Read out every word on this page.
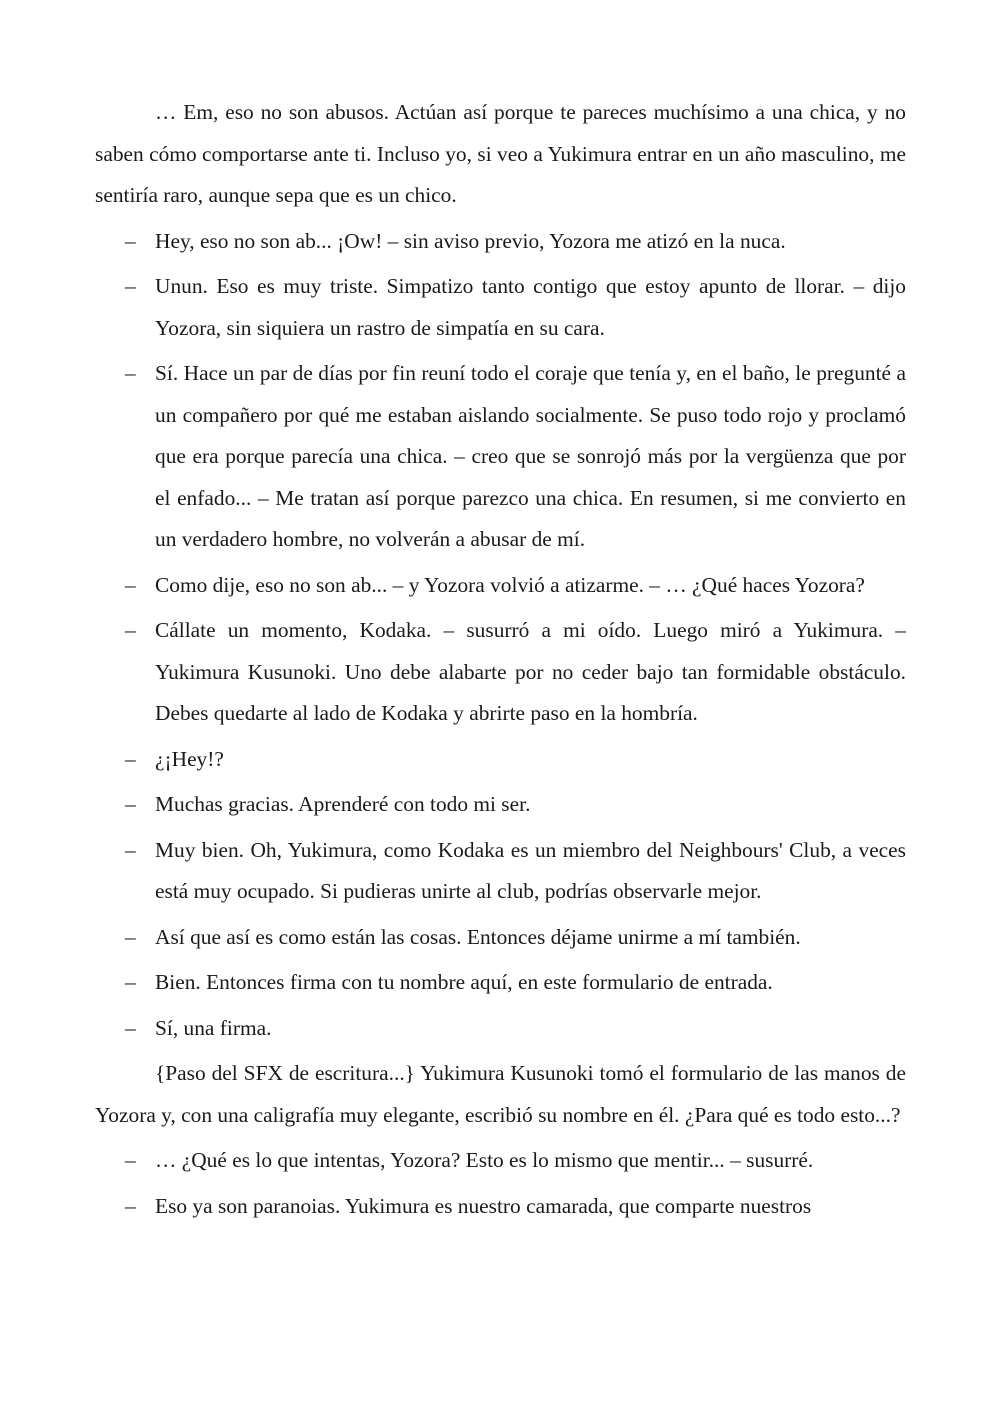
… Em, eso no son abusos. Actúan así porque te pareces muchísimo a una chica, y no saben cómo comportarse ante ti. Incluso yo, si veo a Yukimura entrar en un año masculino, me sentiría raro, aunque sepa que es un chico.

– Hey, eso no son ab... ¡Ow! – sin aviso previo, Yozora me atizó en la nuca.

– Unun. Eso es muy triste. Simpatizo tanto contigo que estoy apunto de llorar. – dijo Yozora, sin siquiera un rastro de simpatía en su cara.

– Sí. Hace un par de días por fin reuní todo el coraje que tenía y, en el baño, le pregunté a un compañero por qué me estaban aislando socialmente. Se puso todo rojo y proclamó que era porque parecía una chica. – creo que se sonrojó más por la vergüenza que por el enfado... – Me tratan así porque parezco una chica. En resumen, si me convierto en un verdadero hombre, no volverán a abusar de mí.

– Como dije, eso no son ab... – y Yozora volvió a atizarme. – … ¿Qué haces Yozora?

– Cállate un momento, Kodaka. – susurró a mi oído. Luego miró a Yukimura. – Yukimura Kusunoki. Uno debe alabarte por no ceder bajo tan formidable obstáculo. Debes quedarte al lado de Kodaka y abrirte paso en la hombría.

– ¿¡Hey!?

– Muchas gracias. Aprenderé con todo mi ser.

– Muy bien. Oh, Yukimura, como Kodaka es un miembro del Neighbours' Club, a veces está muy ocupado. Si pudieras unirte al club, podrías observarle mejor.

– Así que así es como están las cosas. Entonces déjame unirme a mí también.

– Bien. Entonces firma con tu nombre aquí, en este formulario de entrada.

– Sí, una firma.

{Paso del SFX de escritura...} Yukimura Kusunoki tomó el formulario de las manos de Yozora y, con una caligrafía muy elegante, escribió su nombre en él. ¿Para qué es todo esto...?

– … ¿Qué es lo que intentas, Yozora? Esto es lo mismo que mentir... – susurré.

– Eso ya son paranoias. Yukimura es nuestro camarada, que comparte nuestros
